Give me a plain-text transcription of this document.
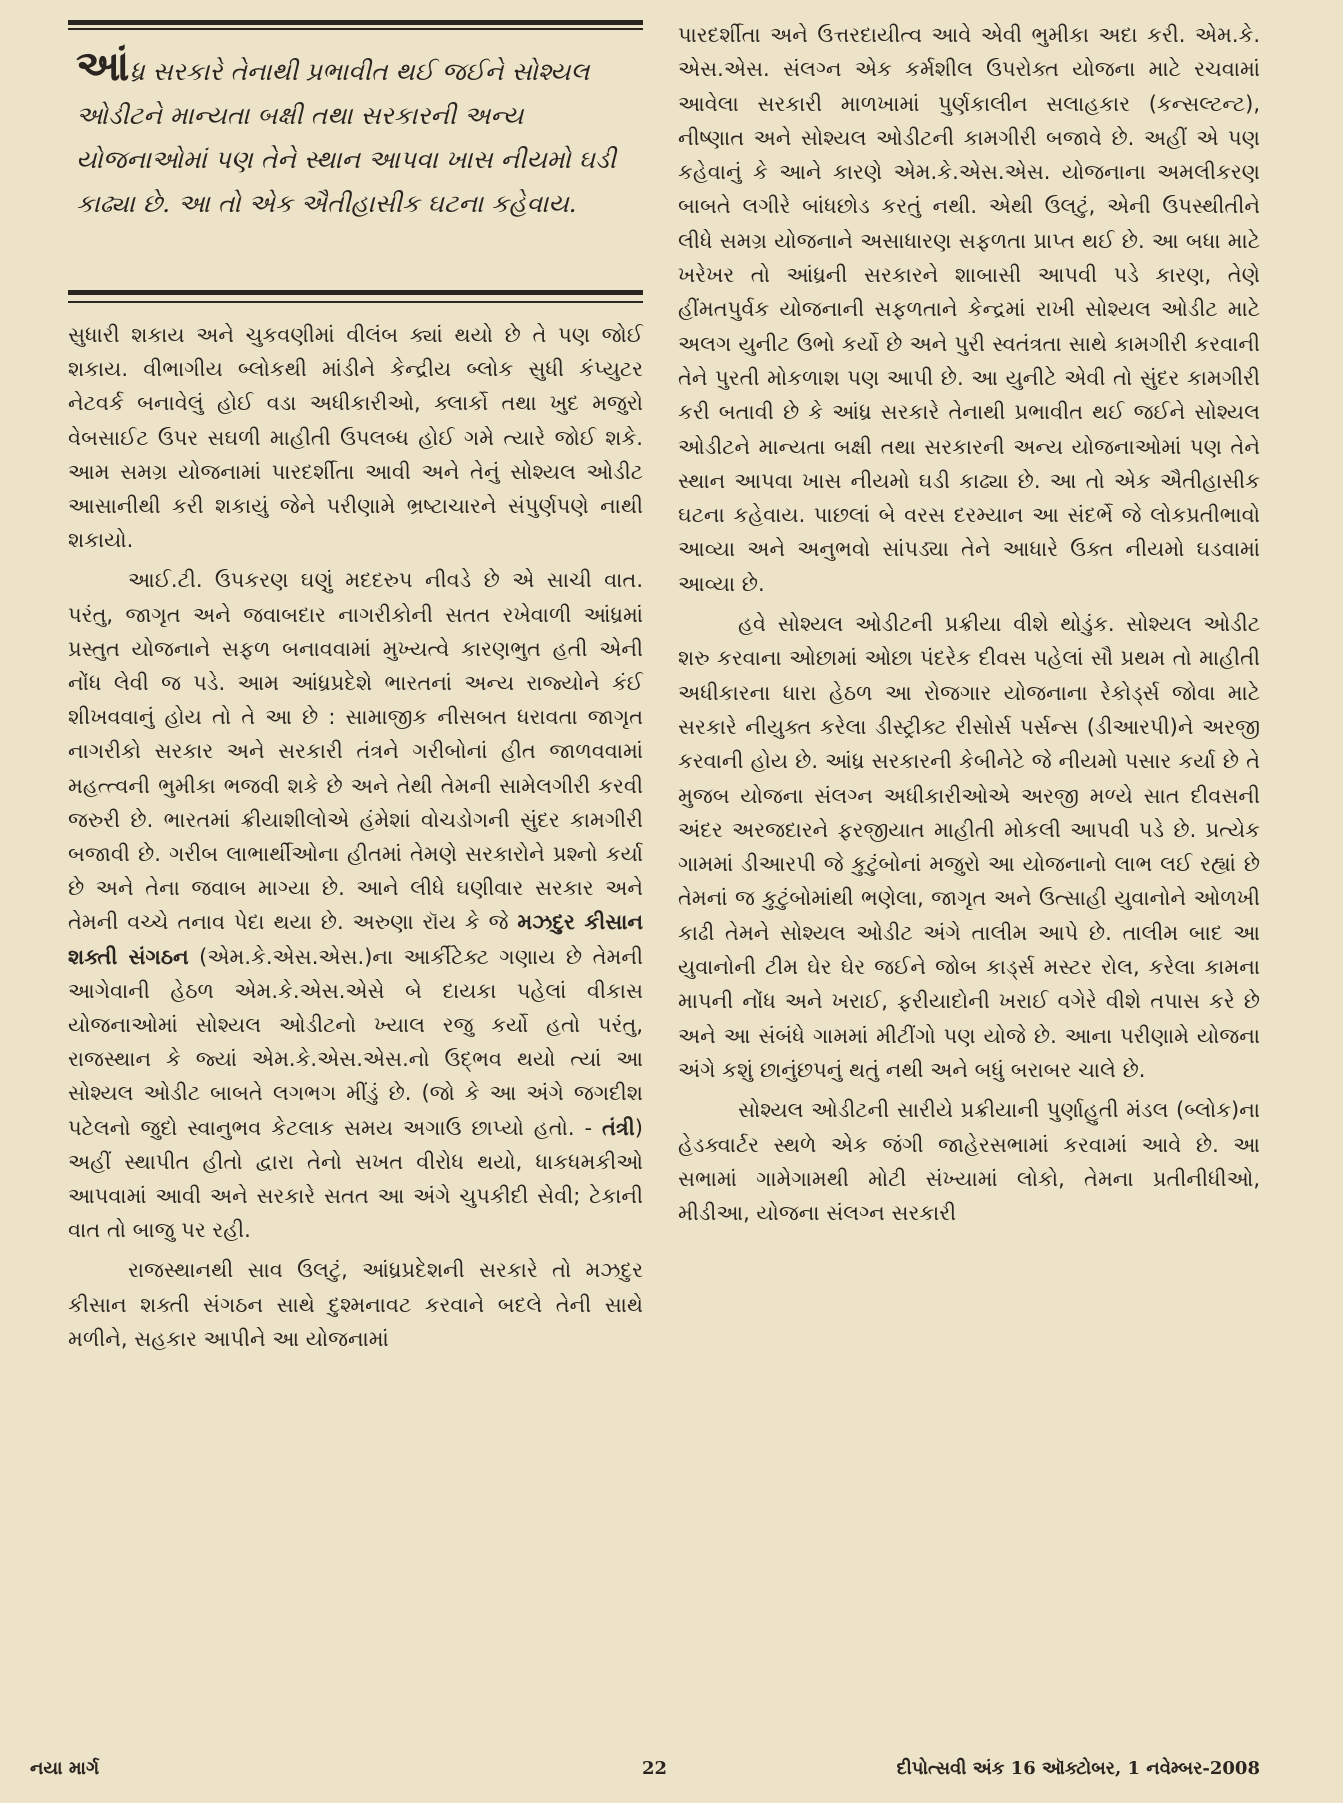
આંધ્ર સરકારે તેનાથી પ્રભાવીત થઈ જઈને સોશ્યલ ઓડીટને માન્યતા બક્ષી તથા સરકારની અન્ય યોજનાઓમાં પણ તેને સ્થાન આપવા ખાસ નીયમો ઘડી કાઢ્યા છે. આ તો એક ઐતીહાસીક ઘટના કહેવાય.

સુધારી શકાય અને ચુકવણીમાં વીલંબ ક્યાં થયો છે તે પણ જોઈ શકાય. વીભાગીય બ્લોકથી માંડીને કેન્દ્રીય બ્લોક સુધી કંપ્યુટર નેટવર્ક બનાવેલું હોઈ વડા અધીકારીઓ, ક્લાર્કો તથા ખુદ મજુરો વેબસાઈટ ઉપર સઘળી માહીતી ઉપલબ્ધ હોઈ ગમે ત્યારે જોઈ શકે. આમ સમગ્ર યોજનામાં પારદર્શીતા આવી અને તેનું સોશ્યલ ઓડીટ આસાનીથી કરી શકાયું જેને પરીણામે ભ્રષ્ટાચારને સંપુર્ણપણે નાથી શકાયો.

આઈ.ટી. ઉપકરણ ઘણું મદદરુપ નીવડે છે એ સાચી વાત. પરંતુ, જાગૃત અને જવાબદાર નાગરીકોની સતત રખેવાળી આંધ્રમાં પ્રસ્તુત યોજનાને સફળ બનાવવામાં મુખ્યત્વે કારણભુત હતી એની નોંધ લેવી જ પડે. આમ આંધ્રપ્રદેશે ભારતનાં અન્ય રાજ્યોને કંઈ શીખવવાનું હોય તો તે આ છે : સામાજીક નીસબત ધરાવતા જાગૃત નાગરીકો સરકાર અને સરકારી તંત્રને ગરીબોનાં હીત જાળવવામાં મહત્ત્વની ભુમીકા ભજવી શકે છે અને તેથી તેમની સામેલગીરી કરવી જરુરી છે. ભારતમાં ક્રીયાશીલોએ હંમેશાં વોચડોગની સુંદર કામગીરી બજાવી છે. ગરીબ લાભાર્થીઓના હીતમાં તેમણે સરકારોને પ્રશ્નો કર્યા છે અને તેના જવાબ માગ્યા છે. આને લીધે ઘણીવાર સરકાર અને તેમની વચ્ચે તનાવ પેદા થયા છે. અરુણા રૉય કે જે મઝદુર કીસાન શક્તી સંગઠન (એમ.કે.એસ.એસ.)ના આર્કીટેક્ટ ગણાય છે તેમની આગેવાની હેઠળ એમ.કે.એસ.એસે બે દાયકા પહેલાં વીકાસ યોજનાઓમાં સોશ્યલ ઓડીટનો ખ્યાલ રજુ કર્યો હતો પરંતુ, રાજસ્થાન કે જ્યાં એમ.કે.એસ.એસ.નો ઉદ્ભવ થયો ત્યાં આ સોશ્યલ ઓડીટ બાબતે લગભગ મીંડું છે. (જો કે આ અંગે જગદીશ પટેલનો જુદો સ્વાનુભવ કેટલાક સમય અગાઉ છાપ્યો હતો. - તંત્રી) અહીં સ્થાપીત હીતો દ્વારા તેનો સખત વીરોધ થયો, ધાકધમકીઓ આપવામાં આવી અને સરકારે સતત આ અંગે ચુપકીદી સેવી; ટેકાની વાત તો બાજુ પર રહી.

રાજસ્થાનથી સાવ ઉલટું, આંધ્રપ્રદેશની સરકારે તો મઝદુર કીસાન શક્તી સંગઠન સાથે દુશ્મનાવટ કરવાને બદલે તેની સાથે મળીને, સહકાર આપીને આ યોજનામાં

પારદર્શીતા અને ઉત્તરદાયીત્વ આવે એવી ભુમીકા અદા કરી. એમ.કે. એસ.એસ. સંલગ્ન એક કર્મશીલ ઉપરોક્ત યોજના માટે રચવામાં આવેલા સરકારી માળખામાં પુર્ણકાલીન સલાહકાર (કન્સલ્ટન્ટ), નીષ્ણાત અને સોશ્યલ ઓડીટની કામગીરી બજાવે છે. અહીં એ પણ કહેવાનું કે આને કારણે એમ.કે.એસ.એસ. યોજનાના અમલીકરણ બાબતે લગીરે બાંધછોડ કરતું નથી. એથી ઉલટું, એની ઉપસ્થીતીને લીધે સમગ્ર યોજનાને અસાધારણ સફળતા પ્રાપ્ત થઈ છે. આ બધા માટે ખરેખર તો આંધ્રની સરકારને શાબાસી આપવી પડે કારણ, તેણે હીંમતપુર્વક યોજનાની સફળતાને કેન્દ્રમાં રાખી સોશ્યલ ઓડીટ માટે અલગ યુનીટ ઉભો કર્યો છે અને પુરી સ્વતંત્રતા સાથે કામગીરી કરવાની તેને પુરતી મોકળાશ પણ આપી છે. આ યુનીટે એવી તો સુંદર કામગીરી કરી બતાવી છે કે આંધ્ર સરકારે તેનાથી પ્રભાવીત થઈ જઈને સોશ્યલ ઓડીટને માન્યતા બક્ષી તથા સરકારની અન્ય યોજનાઓમાં પણ તેને સ્થાન આપવા ખાસ નીયમો ઘડી કાઢ્યા છે. આ તો એક ઐતીહાસીક ઘટના કહેવાય. પાછલાં બે વરસ દરમ્યાન આ સંદર્ભે જે લોકપ્રતીભાવો આવ્યા અને અનુભવો સાંપડ્યા તેને આધારે ઉક્ત નીયમો ઘડવામાં આવ્યા છે.

હવે સોશ્યલ ઓડીટની પ્રક્રીયા વીશે થોડુંક. સોશ્યલ ઓડીટ શરુ કરવાના ઓછામાં ઓછા પંદરેક દીવસ પહેલાં સૌ પ્રથમ તો માહીતી અધીકારના ધારા હેઠળ આ રોજગાર યોજનાના રેકોર્ડ્સ જોવા માટે સરકારે નીયુક્ત કરેલા ડીસ્ટ્રીક્ટ રીસોર્સ પર્સન્સ (ડીઆરપી)ને અરજી કરવાની હોય છે. આંધ્ર સરકારની કેબીનેટે જે નીયમો પસાર કર્યા છે તે મુજબ યોજના સંલગ્ન અધીકારીઓએ અરજી મળ્યે સાત દીવસની અંદર અરજદારને ફરજીયાત માહીતી મોકલી આપવી પડે છે. પ્રત્યેક ગામમાં ડીઆરપી જે કુટુંબોનાં મજુરો આ યોજનાનો લાભ લઈ રહ્યાં છે તેમનાં જ કુટુંબોમાંથી ભણેલા, જાગૃત અને ઉત્સાહી યુવાનોને ઓળખી કાઢી તેમને સોશ્યલ ઓડીટ અંગે તાલીમ આપે છે. તાલીમ બાદ આ યુવાનોની ટીમ ઘેર ઘેર જઈને જોબ કાર્ડ્સ મસ્ટર રોલ, કરેલા કામના માપની નોંધ અને ખરાઈ, ફરીયાદોની ખરાઈ વગેરે વીશે તપાસ કરે છે અને આ સંબંધે ગામમાં મીટીંગો પણ યોજે છે. આના પરીણામે યોજના અંગે કશું છાનુંછપનું થતું નથી અને બધું બરાબર ચાલે છે.

સોશ્યલ ઓડીટની સારીયે પ્રક્રીયાની પુર્ણાહુતી મંડલ (બ્લોક)ના હેડક્વાર્ટર સ્થળે એક જંગી જાહેરસભામાં કરવામાં આવે છે. આ સભામાં ગામેગામથી મોટી સંખ્યામાં લોકો, તેમના પ્રતીનીધીઓ, મીડીઆ, યોજના સંલગ્ન સરકારી

નયા માર્ગ	22	દીપોત્સવી અંક 16 ઑક્ટોબર, 1 નવેમ્બર-2008
